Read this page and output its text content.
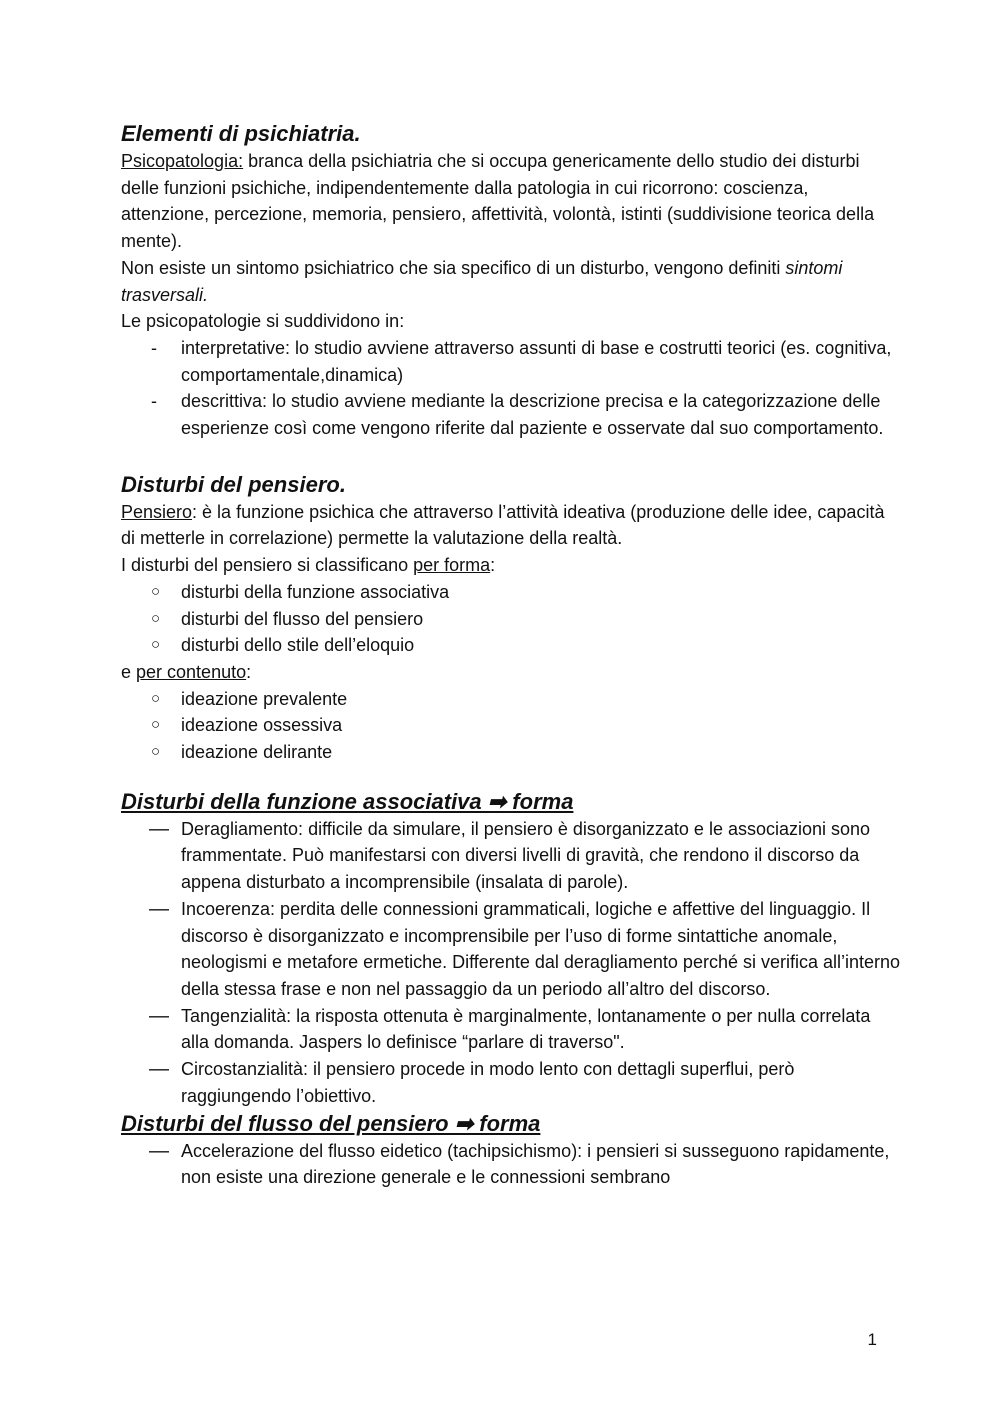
Elementi di psichiatria.

Psicopatologia: branca della psichiatria che si occupa genericamente dello studio dei disturbi delle funzioni psichiche, indipendentemente dalla patologia in cui ricorrono: coscienza, attenzione, percezione, memoria, pensiero, affettività, volontà, istinti (suddivisione teorica della mente).

Non esiste un sintomo psichiatrico che sia specifico di un disturbo, vengono definiti sintomi trasversali.

Le psicopatologie si suddividono in:

- interpretative: lo studio avviene attraverso assunti di base e costrutti teorici (es. cognitiva, comportamentale,dinamica)
- descrittiva: lo studio avviene mediante la descrizione precisa e la categorizzazione delle esperienze così come vengono riferite dal paziente e osservate dal suo comportamento.
Disturbi del pensiero.

Pensiero: è la funzione psichica che attraverso l’attività ideativa (produzione delle idee, capacità di metterle in correlazione) permette la valutazione della realtà.

I disturbi del pensiero si classificano per forma:

○ disturbi della funzione associativa
○ disturbi del flusso del pensiero
○ disturbi dello stile dell’eloquio

e per contenuto:

○ ideazione prevalente
○ ideazione ossessiva
○ ideazione delirante
Disturbi della funzione associativa ➡ forma
— Deragliamento: difficile da simulare, il pensiero è disorganizzato e le associazioni sono frammentate. Può manifestarsi con diversi livelli di gravità, che rendono il discorso da appena disturbato a incomprensibile (insalata di parole).
— Incoerenza: perdita delle connessioni grammaticali, logiche e affettive del linguaggio. Il discorso è disorganizzato e incomprensibile per l’uso di forme sintattiche anomale, neologismi e metafore ermetiche. Differente dal deragliamento perché si verifica all’interno della stessa frase e non nel passaggio da un periodo all’altro del discorso.
— Tangenzialità: la risposta ottenuta è marginalmente, lontanamente o per nulla correlata alla domanda. Jaspers lo definisce “parlare di traverso".
— Circostanzialità: il pensiero procede in modo lento con dettagli superflui, però raggiungendo l’obiettivo.
Disturbi del flusso del pensiero ➡ forma
— Accelerazione del flusso eidetico (tachipsichismo): i pensieri si susseguono rapidamente, non esiste una direzione generale e le connessioni sembrano
1
